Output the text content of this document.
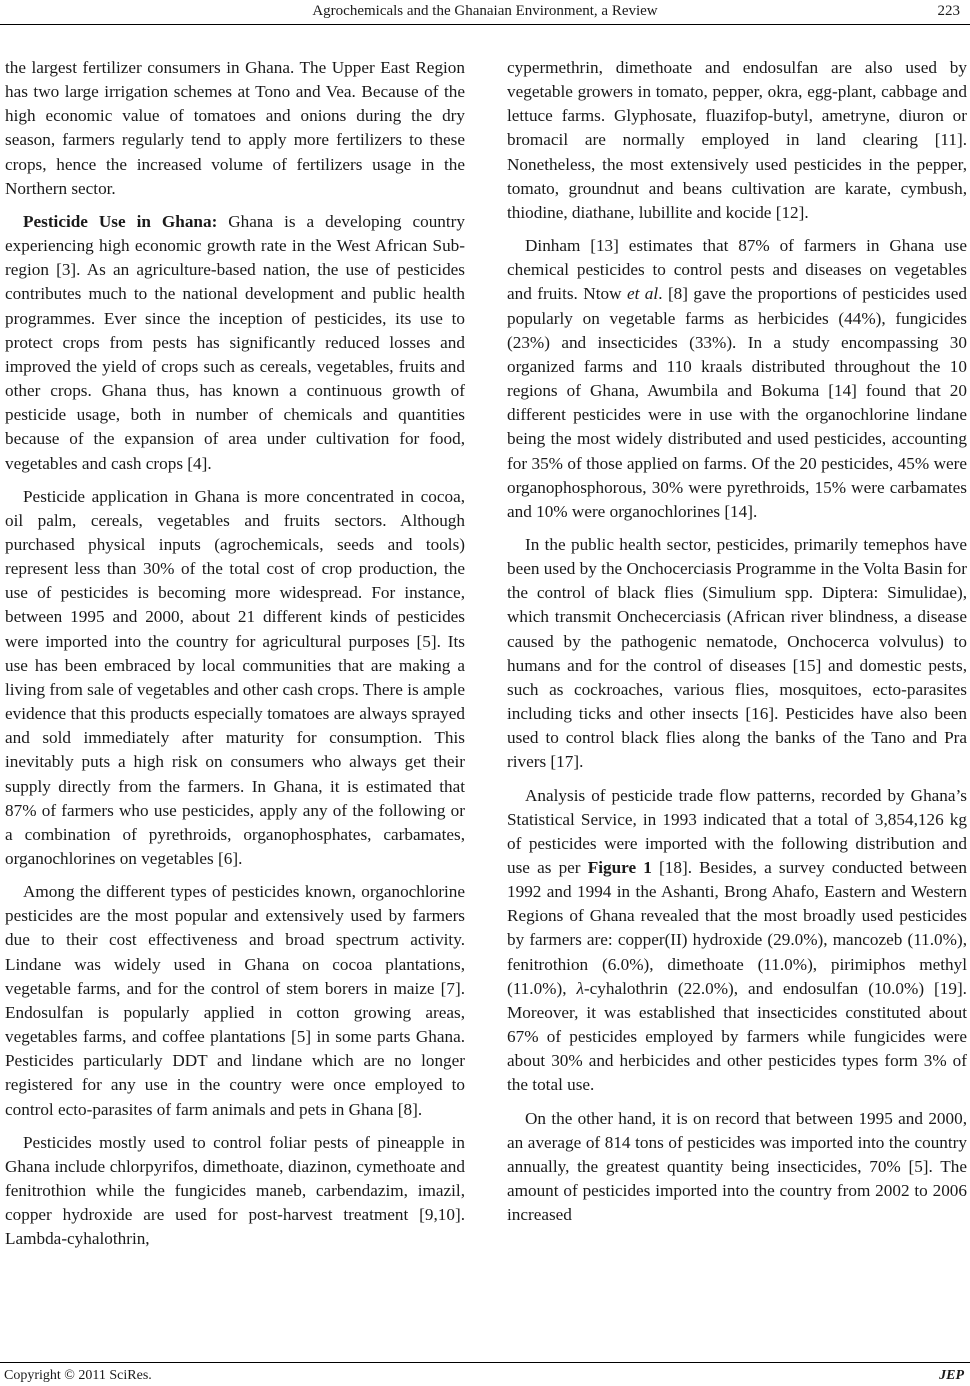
Agrochemicals and the Ghanaian Environment, a Review	223

the largest fertilizer consumers in Ghana. The Upper East Region has two large irrigation schemes at Tono and Vea. Because of the high economic value of tomatoes and onions during the dry season, farmers regularly tend to apply more fertilizers to these crops, hence the increased volume of fertilizers usage in the Northern sector.

Pesticide Use in Ghana: Ghana is a developing country experiencing high economic growth rate in the West African Sub-region [3]. As an agriculture-based nation, the use of pesticides contributes much to the national development and public health programmes. Ever since the inception of pesticides, its use to protect crops from pests has significantly reduced losses and improved the yield of crops such as cereals, vegetables, fruits and other crops. Ghana thus, has known a continuous growth of pesticide usage, both in number of chemicals and quantities because of the expansion of area under cultivation for food, vegetables and cash crops [4].

Pesticide application in Ghana is more concentrated in cocoa, oil palm, cereals, vegetables and fruits sectors. Although purchased physical inputs (agrochemicals, seeds and tools) represent less than 30% of the total cost of crop production, the use of pesticides is becoming more widespread. For instance, between 1995 and 2000, about 21 different kinds of pesticides were imported into the country for agricultural purposes [5]. Its use has been embraced by local communities that are making a living from sale of vegetables and other cash crops. There is ample evidence that this products especially tomatoes are always sprayed and sold immediately after maturity for consumption. This inevitably puts a high risk on consumers who always get their supply directly from the farmers. In Ghana, it is estimated that 87% of farmers who use pesticides, apply any of the following or a combination of pyrethroids, organophosphates, carbamates, organochlorines on vegetables [6].

Among the different types of pesticides known, organochlorine pesticides are the most popular and extensively used by farmers due to their cost effectiveness and broad spectrum activity. Lindane was widely used in Ghana on cocoa plantations, vegetable farms, and for the control of stem borers in maize [7]. Endosulfan is popularly applied in cotton growing areas, vegetables farms, and coffee plantations [5] in some parts Ghana. Pesticides particularly DDT and lindane which are no longer registered for any use in the country were once employed to control ecto-parasites of farm animals and pets in Ghana [8].

Pesticides mostly used to control foliar pests of pineapple in Ghana include chlorpyrifos, dimethoate, diazinon, cymethoate and fenitrothion while the fungicides maneb, carbendazim, imazil, copper hydroxide are used for post-harvest treatment [9,10]. Lambda-cyhalothrin,

cypermethrin, dimethoate and endosulfan are also used by vegetable growers in tomato, pepper, okra, egg-plant, cabbage and lettuce farms. Glyphosate, fluazifop-butyl, ametryne, diuron or bromacil are normally employed in land clearing [11]. Nonetheless, the most extensively used pesticides in the pepper, tomato, groundnut and beans cultivation are karate, cymbush, thiodine, diathane, lubillite and kocide [12].

Dinham [13] estimates that 87% of farmers in Ghana use chemical pesticides to control pests and diseases on vegetables and fruits. Ntow et al. [8] gave the proportions of pesticides used popularly on vegetable farms as herbicides (44%), fungicides (23%) and insecticides (33%). In a study encompassing 30 organized farms and 110 kraals distributed throughout the 10 regions of Ghana, Awumbila and Bokuma [14] found that 20 different pesticides were in use with the organochlorine lindane being the most widely distributed and used pesticides, accounting for 35% of those applied on farms. Of the 20 pesticides, 45% were organophosphorous, 30% were pyrethroids, 15% were carbamates and 10% were organochlorines [14].

In the public health sector, pesticides, primarily temephos have been used by the Onchocerciasis Programme in the Volta Basin for the control of black flies (Simulium spp. Diptera: Simulidae), which transmit Onchecerciasis (African river blindness, a disease caused by the pathogenic nematode, Onchocerca volvulus) to humans and for the control of diseases [15] and domestic pests, such as cockroaches, various flies, mosquitoes, ecto-parasites including ticks and other insects [16]. Pesticides have also been used to control black flies along the banks of the Tano and Pra rivers [17].

Analysis of pesticide trade flow patterns, recorded by Ghana’s Statistical Service, in 1993 indicated that a total of 3,854,126 kg of pesticides were imported with the following distribution and use as per Figure 1 [18]. Besides, a survey conducted between 1992 and 1994 in the Ashanti, Brong Ahafo, Eastern and Western Regions of Ghana revealed that the most broadly used pesticides by farmers are: copper(II) hydroxide (29.0%), mancozeb (11.0%), fenitrothion (6.0%), dimethoate (11.0%), pirimiphos methyl (11.0%), λ-cyhalothrin (22.0%), and endosulfan (10.0%) [19]. Moreover, it was established that insecticides constituted about 67% of pesticides employed by farmers while fungicides were about 30% and herbicides and other pesticides types form 3% of the total use.

On the other hand, it is on record that between 1995 and 2000, an average of 814 tons of pesticides was imported into the country annually, the greatest quantity being insecticides, 70% [5]. The amount of pesticides imported into the country from 2002 to 2006 increased

Copyright © 2011 SciRes.	JEP
